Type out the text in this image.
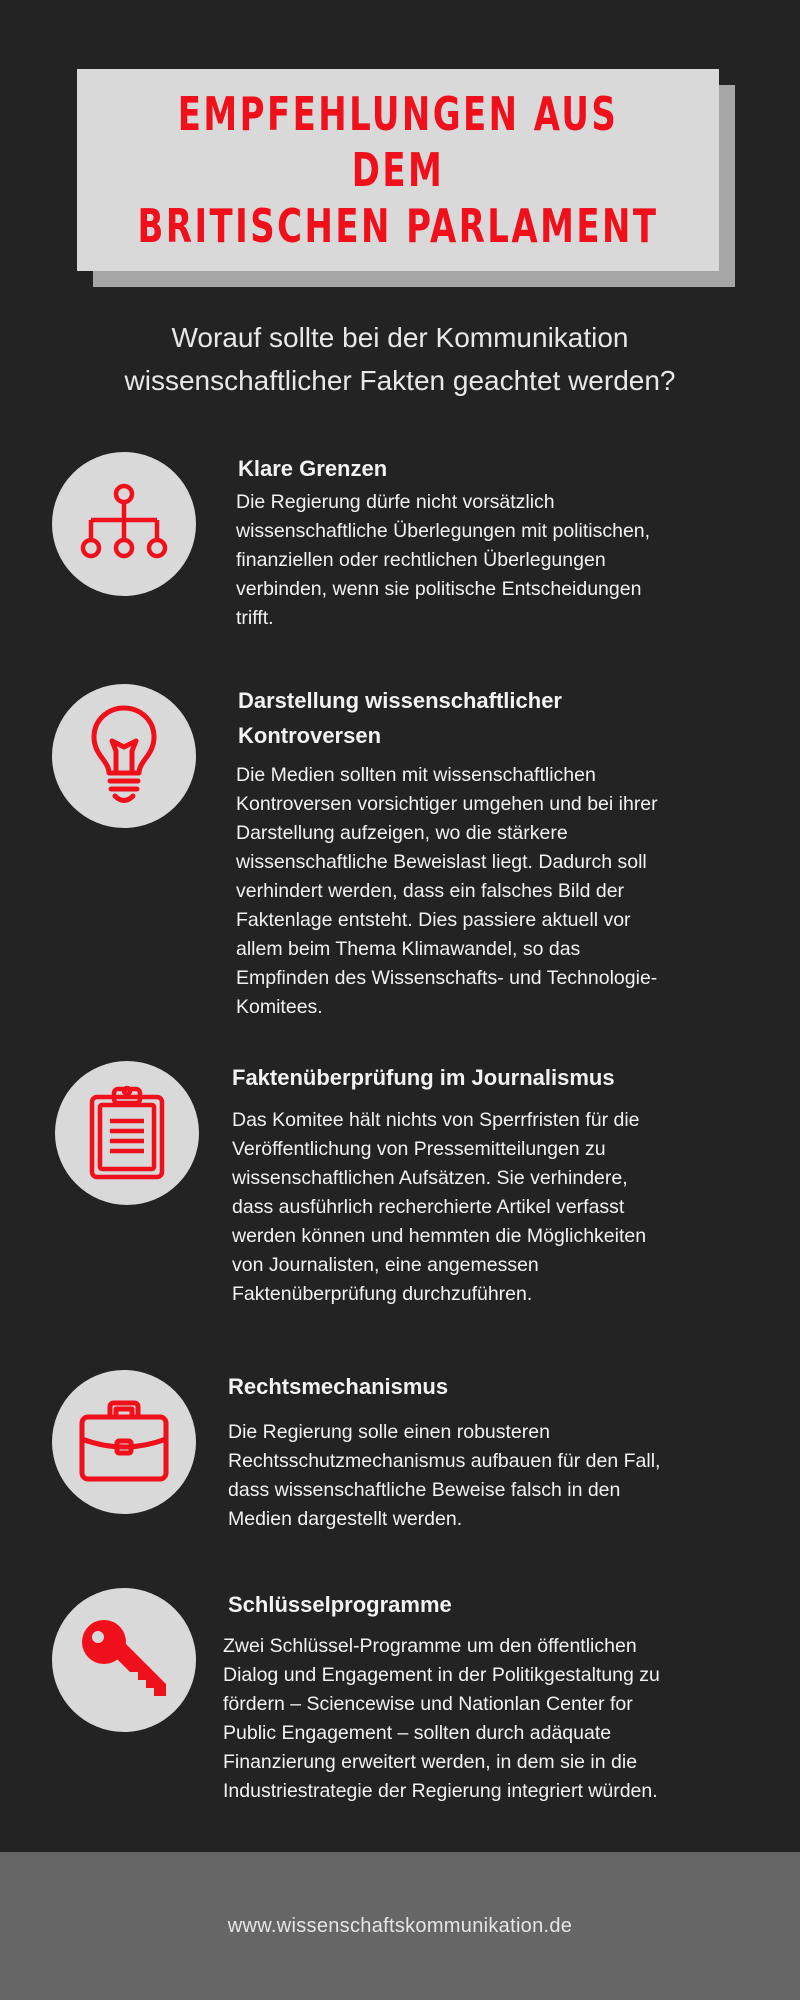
EMPFEHLUNGEN AUS DEM
BRITISCHEN PARLAMENT
Worauf sollte bei der Kommunikation
wissenschaftlicher Fakten geachtet werden?
Klare Grenzen
Die Regierung dürfe nicht vorsätzlich
wissenschaftliche Überlegungen mit politischen,
finanziellen oder rechtlichen Überlegungen
verbinden, wenn sie politische Entscheidungen
trifft.
Darstellung wissenschaftlicher
Kontroversen
Die Medien sollten mit wissenschaftlichen
Kontroversen vorsichtiger umgehen und bei ihrer
Darstellung aufzeigen, wo die stärkere
wissenschaftliche Beweislast liegt. Dadurch soll
verhindert werden, dass ein falsches Bild der
Faktenlage entsteht. Dies passiere aktuell vor
allem beim Thema Klimawandel, so das
Empfinden des Wissenschafts- und Technologie-
Komitees.
Faktenüberprüfung im Journalismus
Das Komitee hält nichts von Sperrfristen für die
Veröffentlichung von Pressemitteilungen zu
wissenschaftlichen Aufsätzen. Sie verhindere,
dass ausführlich recherchierte Artikel verfasst
werden können und hemmten die Möglichkeiten
von Journalisten, eine angemessen
Faktenüberprüfung durchzuführen.
Rechtsmechanismus
Die Regierung solle einen robusteren
Rechtsschutzmechanismus aufbauen für den Fall,
dass wissenschaftliche Beweise falsch in den
Medien dargestellt werden.
Schlüsselprogramme
Zwei Schlüssel-Programme um den öffentlichen
Dialog und Engagement in der Politikgestaltung zu
fördern – Sciencewise und Nationlan Center for
Public Engagement – sollten durch adäquate
Finanzierung erweitert werden, in dem sie in die
Industriestrategie der Regierung integriert würden.
www.wissenschaftskommunikation.de
